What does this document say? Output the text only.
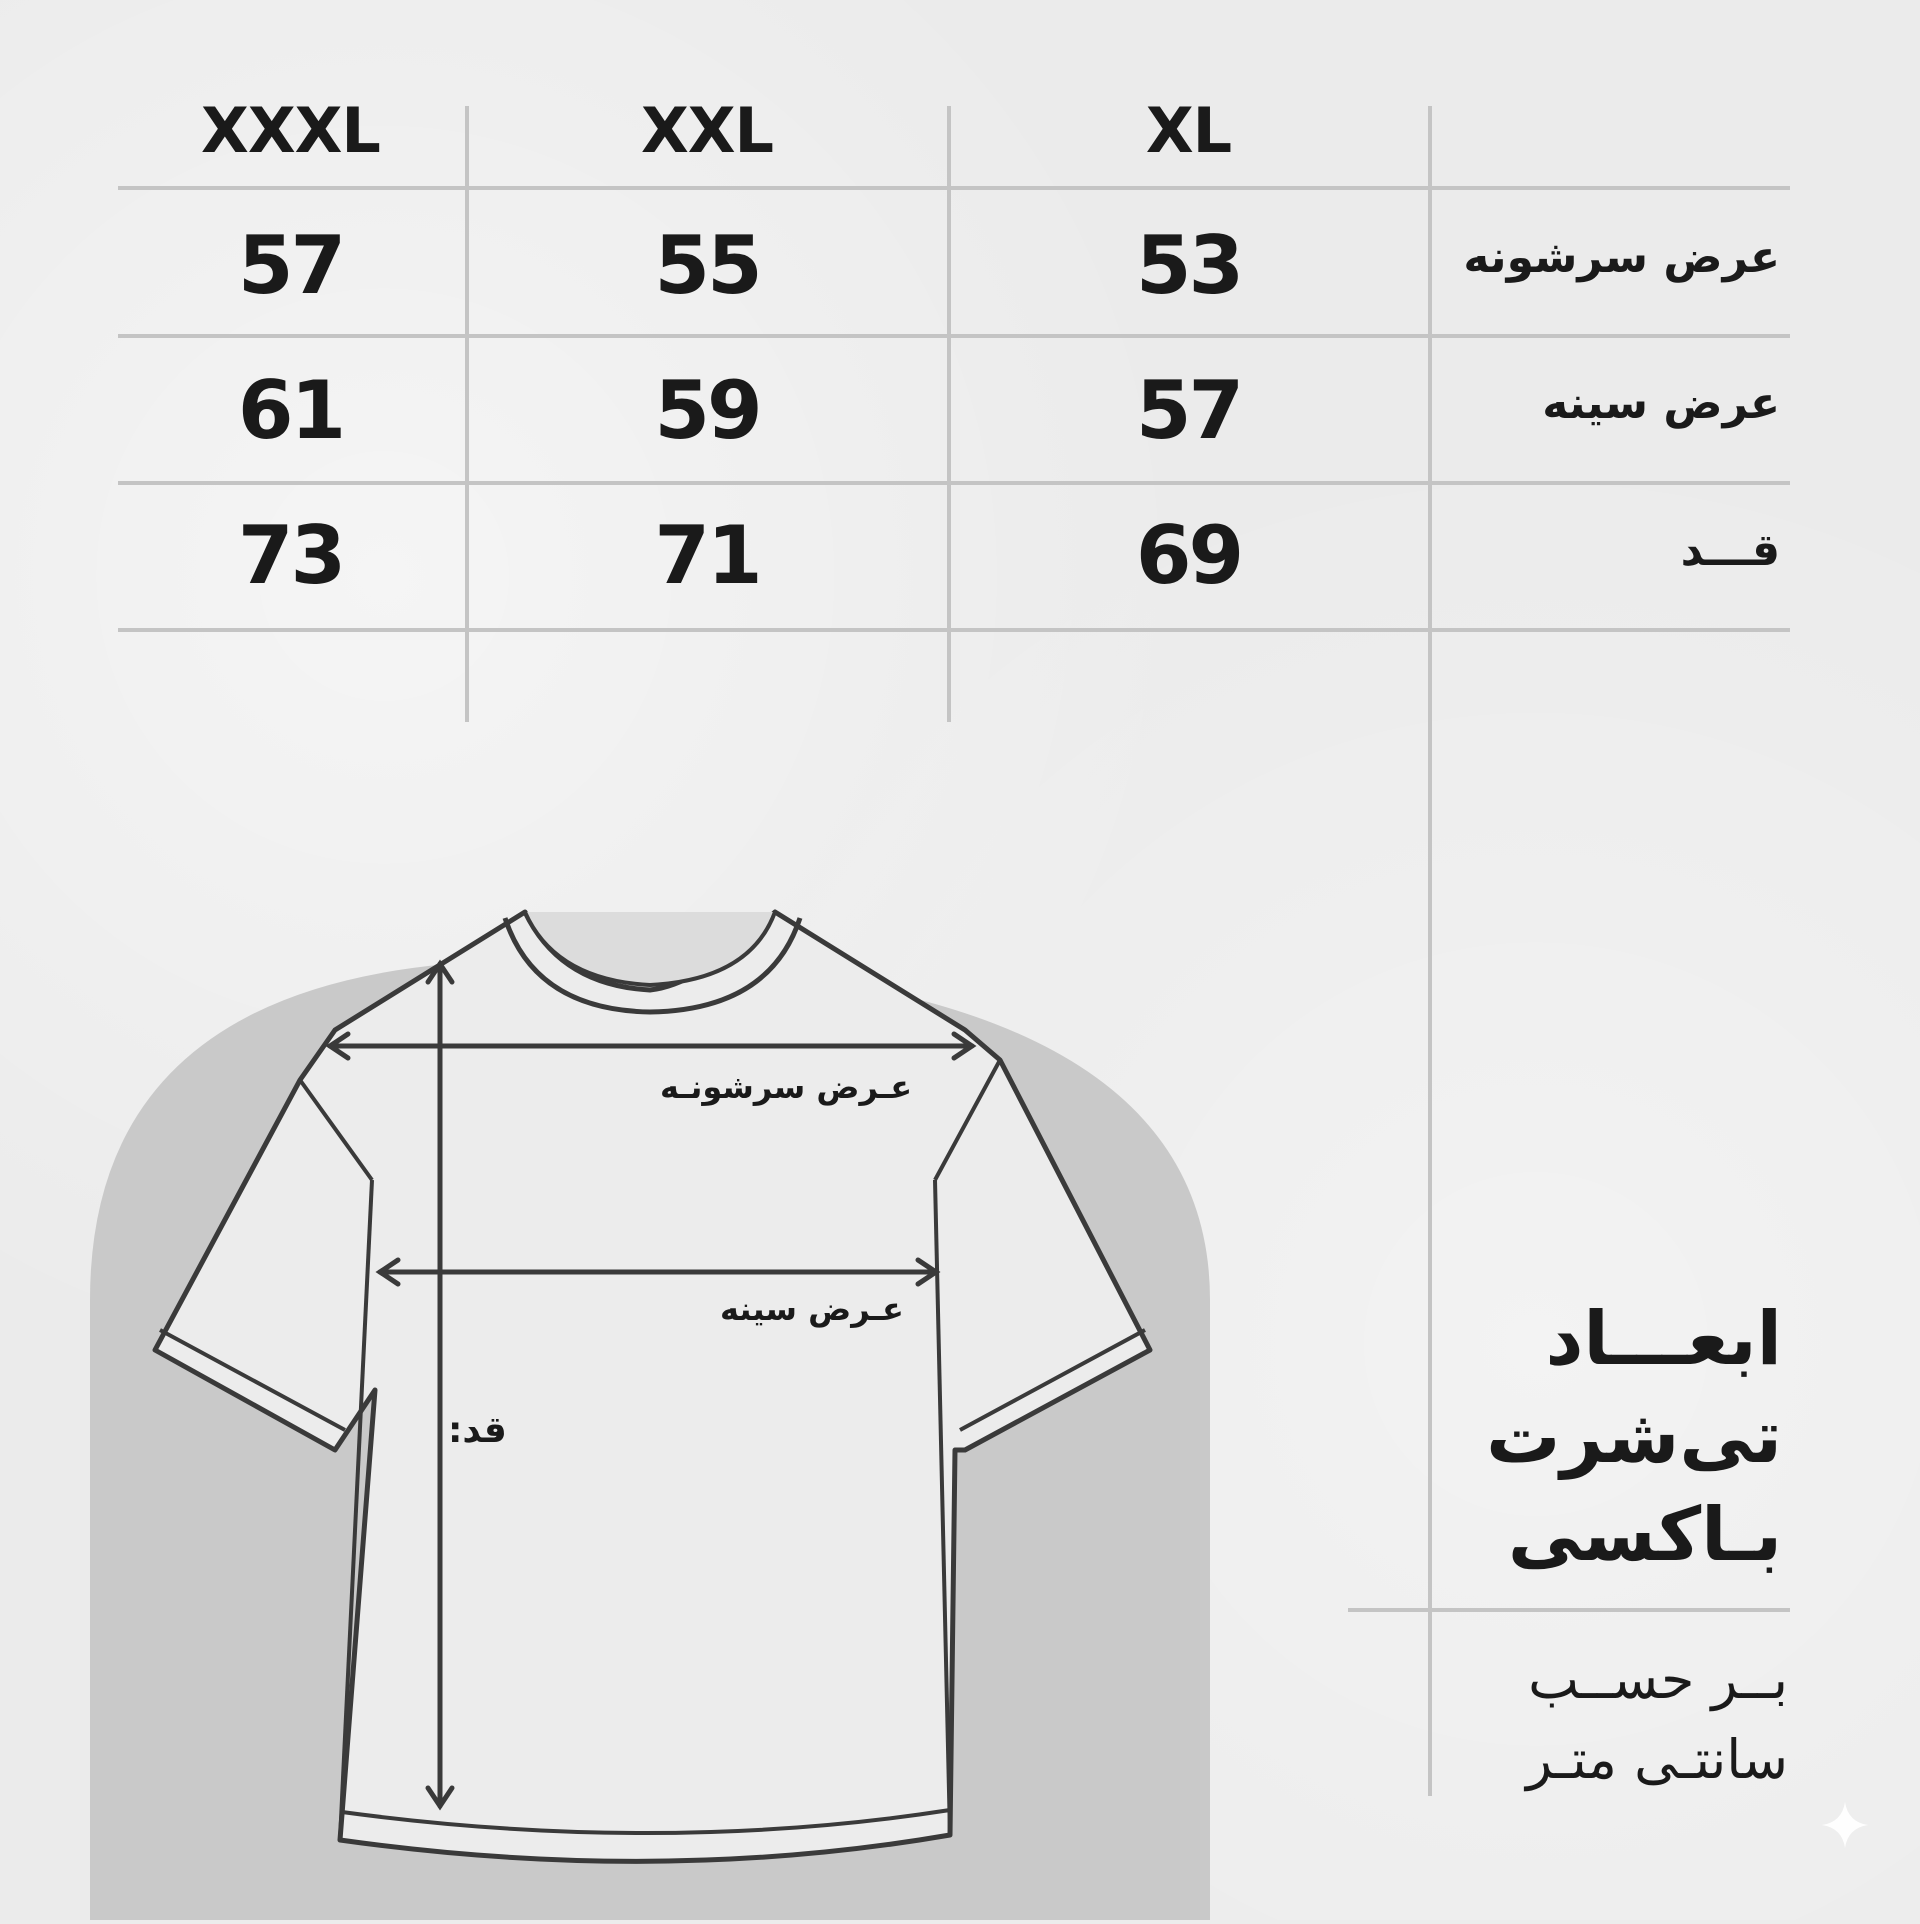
XXXL	XXL	XL
57	55	53	عرض سرشونه
61	59	57	عرض سینه
73	71	69	قـــد
عـرض سرشونـه
عـرض سینه
قد:
ابعـــاد
تی‌شرت
بـاکسی
بــر حســب
سانتـی متـر
